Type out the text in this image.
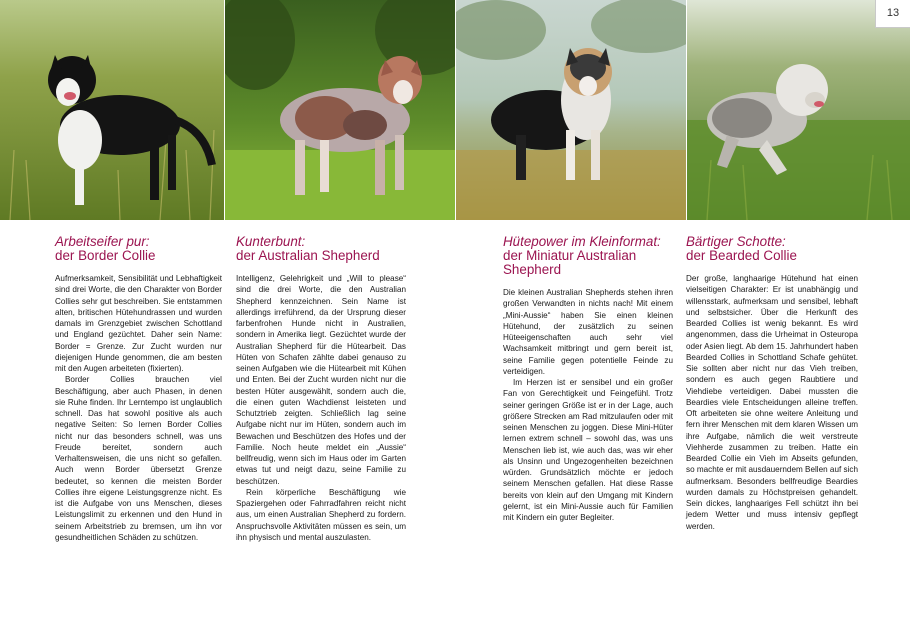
13
Arbeitseifer pur:
der Border Collie

Aufmerksamkeit, Sensibilität und Lebhaftigkeit sind drei Worte, die den Charakter von Border Collies sehr gut beschreiben. Sie entstammen alten, britischen Hütehundrassen und wurden damals im Grenzgebiet zwischen Schottland und England gezüchtet. Daher sein Name: Border = Grenze. Zur Zucht wurden nur diejenigen Hunde genommen, die am besten mit den Augen arbeiteten (fixierten).

Border Collies brauchen viel Beschäftigung, aber auch Phasen, in denen sie Ruhe finden. Ihr Lerntempo ist unglaublich schnell. Das hat sowohl positive als auch negative Seiten: So lernen Border Collies nicht nur das besonders schnell, was uns Freude bereitet, sondern auch Verhaltensweisen, die uns nicht so gefallen. Auch wenn Border übersetzt Grenze bedeutet, so kennen die meisten Border Collies ihre eigene Leistungsgrenze nicht. Es ist die Aufgabe von uns Menschen, dieses Leistungslimit zu erkennen und den Hund in seinem Arbeitstrieb zu bremsen, um ihn vor gesundheitlichen Schäden zu schützen.

Kunterbunt:
der Australian Shepherd

Intelligenz, Gelehrigkeit und „Will to please“ sind die drei Worte, die den Australian Shepherd kennzeichnen. Sein Name ist allerdings irreführend, da der Ursprung dieser farbenfrohen Hunde nicht in Australien, sondern in Amerika liegt. Gezüchtet wurde der Australian Shepherd für die Hütearbeit. Das Hüten von Schafen zählte dabei genauso zu seinen Aufgaben wie die Hütearbeit mit Kühen und Enten. Bei der Zucht wurden nicht nur die besten Hüter ausgewählt, sondern auch die, die einen guten Wachdienst leisteten und Schutztrieb zeigten. Schließlich lag seine Aufgabe nicht nur im Hüten, sondern auch im Bewachen und Beschützen des Hofes und der Familie. Noch heute meldet ein „Aussie“ bellfreudig, wenn sich im Haus oder im Garten etwas tut und neigt dazu, seine Familie zu beschützen.

Rein körperliche Beschäftigung wie Spaziergehen oder Fahrradfahren reicht nicht aus, um einen Australian Shepherd zu fordern. Anspruchsvolle Aktivitäten müssen es sein, um ihn physisch und mental auszulasten.

Hütepower im Kleinformat:
der Miniatur Australian Shepherd

Die kleinen Australian Shepherds stehen ihren großen Verwandten in nichts nach! Mit einem „Mini-Aussie“ haben Sie einen kleinen Hütehund, der zusätzlich zu seinen Hüteeigenschaften auch sehr viel Wachsamkeit mitbringt und gern bereit ist, seine Familie gegen potentielle Feinde zu verteidigen.

Im Herzen ist er sensibel und ein großer Fan von Gerechtigkeit und Feingefühl. Trotz seiner geringen Größe ist er in der Lage, auch größere Strecken am Rad mitzulaufen oder mit seinen Menschen zu joggen. Diese Mini-Hüter lernen extrem schnell – sowohl das, was uns Menschen lieb ist, wie auch das, was wir eher als Unsinn und Ungezogenheiten bezeichnen würden. Grundsätzlich möchte er jedoch seinem Menschen gefallen. Hat diese Rasse bereits von klein auf den Umgang mit Kindern gelernt, ist ein Mini-Aussie auch für Familien mit Kindern ein guter Begleiter.

Bärtiger Schotte:
der Bearded Collie

Der große, langhaarige Hütehund hat einen vielseitigen Charakter: Er ist unabhängig und willensstark, aufmerksam und sensibel, lebhaft und selbstsicher. Über die Herkunft des Bearded Collies ist wenig bekannt. Es wird angenommen, dass die Urheimat in Osteuropa oder Asien liegt. Ab dem 15. Jahrhundert haben Bearded Collies in Schottland Schafe gehütet. Sie sollten aber nicht nur das Vieh treiben, sondern es auch gegen Raubtiere und Viehdiebe verteidigen. Dabei mussten die Beardies viele Entscheidungen alleine treffen. Oft arbeiteten sie ohne weitere Anleitung und fern ihrer Menschen mit dem klaren Wissen um ihre Aufgabe, nämlich die weit verstreute Viehherde zusammen zu treiben. Hatte ein Bearded Collie ein Vieh im Abseits gefunden, so machte er mit ausdauerndem Bellen auf sich aufmerksam. Besonders bellfreudige Beardies wurden damals zu Höchstpreisen gehandelt. Sein dickes, langhaariges Fell schützt ihn bei jedem Wetter und muss intensiv gepflegt werden.
